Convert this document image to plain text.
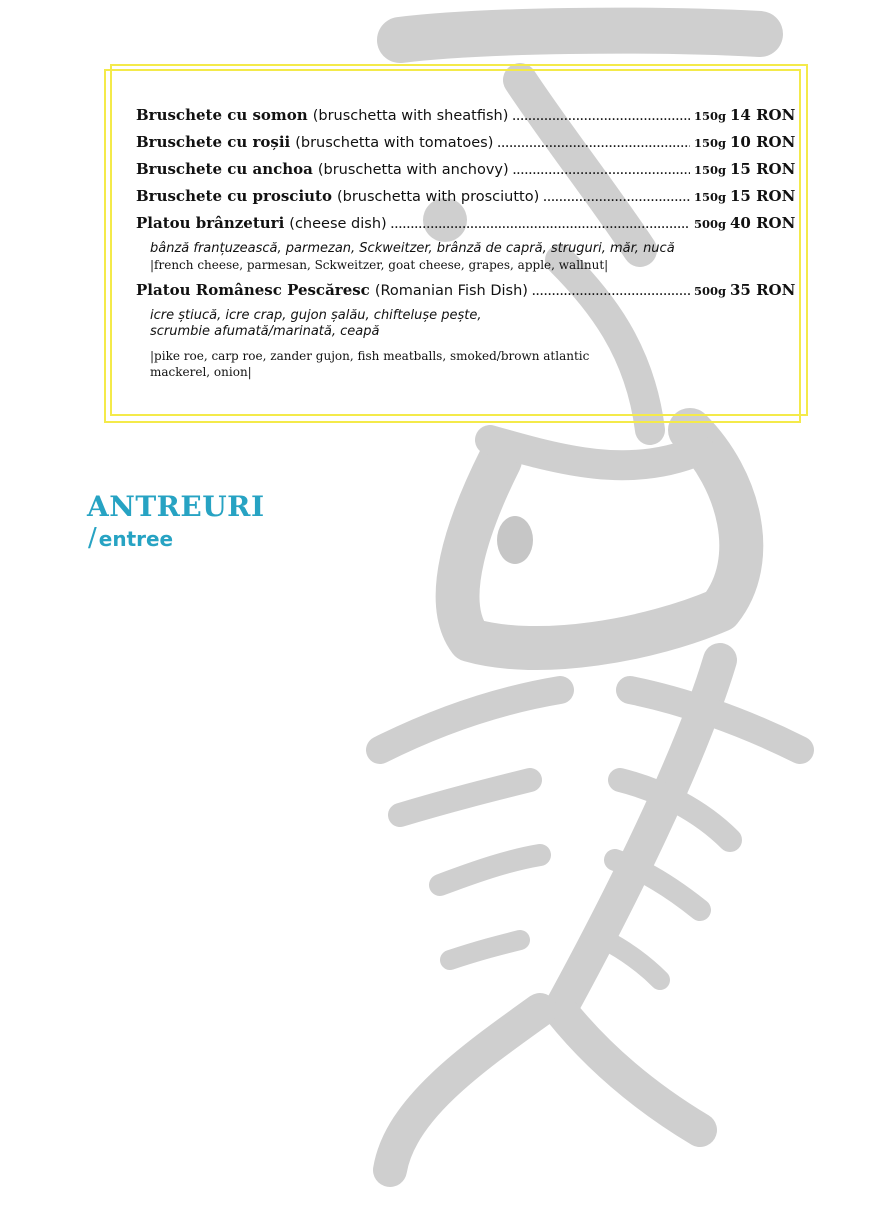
Bruschete cu somon (bruschetta with sheatfish) .....	150g 14 RON
Bruschete cu roșii (bruschetta with tomatoes) .....	150g 10 RON
Bruschete cu anchoa (bruschetta with anchovy) .....	150g 15 RON
Bruschete cu prosciuto (bruschetta with prosciutto) .....	150g 15 RON
Platou brânzeturi (cheese dish) .....	500g 40 RON
bânză franțuzească, parmezan, Sckweitzer, brânză de capră, struguri, măr, nucă
|french cheese, parmesan, Sckweitzer, goat cheese, grapes, apple, wallnut|
Platou Românesc Pescăresc (Romanian Fish Dish) .....	500g 35 RON
icre știucă, icre crap, gujon șalău, chiftelușe pește,
scrumbie afumată/marinată, ceapă
|pike roe, carp roe, zander gujon, fish meatballs, smoked/brown atlantic
mackerel, onion|
ANTREURI
/ entree
